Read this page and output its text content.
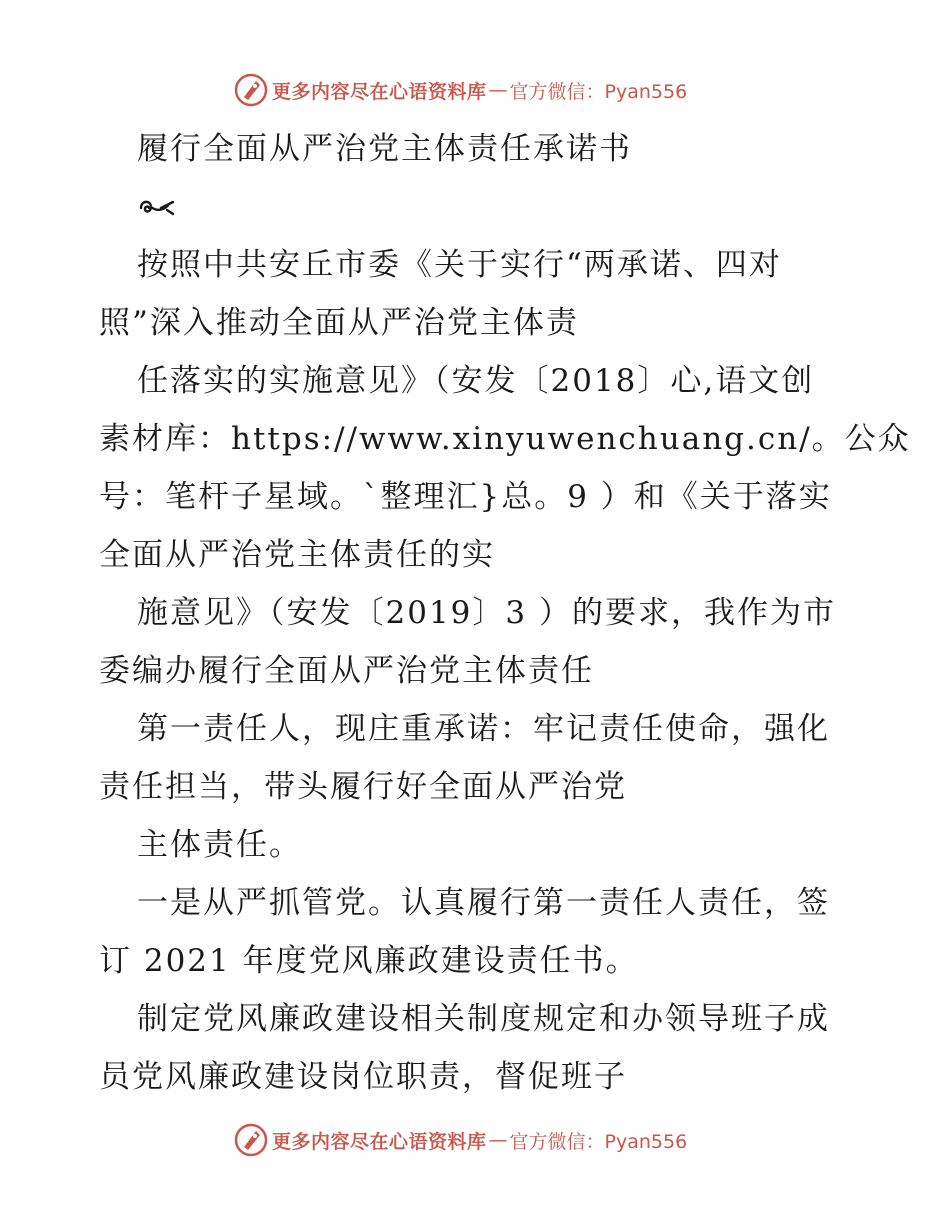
更多内容尽在心语资料库 — 官方微信：Pyan556
履行全面从严治党主体责任承诺书
按照中共安丘市委《关于实行“两承诺、四对
照”深入推动全面从严治党主体责
任落实的实施意见》（安发〔2018〕心,语文创
素材库：https://www.xinyuwenchuang.cn/。公众
号：笔杆子星域。`整理汇}总。9 ）和《关于落实
全面从严治党主体责任的实
施意见》（安发〔2019〕3 ）的要求，我作为市
委编办履行全面从严治党主体责任
第一责任人，现庄重承诺：牢记责任使命，强化
责任担当，带头履行好全面从严治党
主体责任。
一是从严抓管党。认真履行第一责任人责任，签
订 2021 年度党风廉政建设责任书。
制定党风廉政建设相关制度规定和办领导班子成
员党风廉政建设岗位职责，督促班子
更多内容尽在心语资料库 — 官方微信：Pyan556
